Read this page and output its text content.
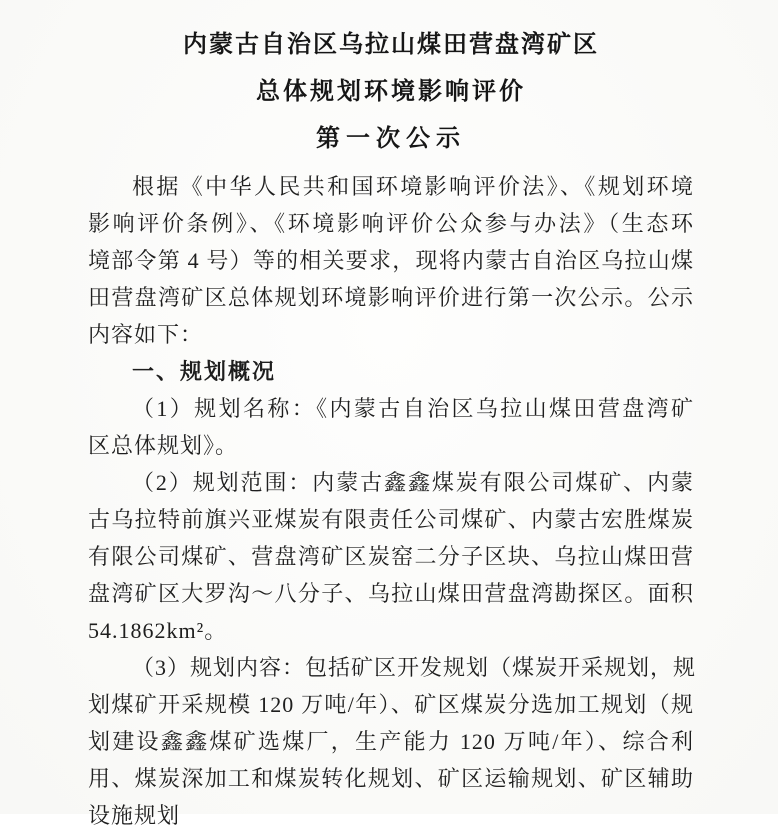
内蒙古自治区乌拉山煤田营盘湾矿区
总体规划环境影响评价
第一次公示
根据《中华人民共和国环境影响评价法》、《规划环境
影响评价条例》、《环境影响评价公众参与办法》（生态环
境部令第 4 号）等的相关要求，现将内蒙古自治区乌拉山煤
田营盘湾矿区总体规划环境影响评价进行第一次公示。公示
内容如下：
一、规划概况
（1）规划名称：《内蒙古自治区乌拉山煤田营盘湾矿
区总体规划》。
（2）规划范围：内蒙古鑫鑫煤炭有限公司煤矿、内蒙
古乌拉特前旗兴亚煤炭有限责任公司煤矿、内蒙古宏胜煤炭
有限公司煤矿、营盘湾矿区炭窑二分子区块、乌拉山煤田营
盘湾矿区大罗沟～八分子、乌拉山煤田营盘湾勘探区。面积
54.1862km²。
（3）规划内容：包括矿区开发规划（煤炭开采规划，规
划煤矿开采规模 120 万吨/年）、矿区煤炭分选加工规划（规
划建设鑫鑫煤矿选煤厂，生产能力 120 万吨/年）、综合利
用、煤炭深加工和煤炭转化规划、矿区运输规划、矿区辅助
设施规划
